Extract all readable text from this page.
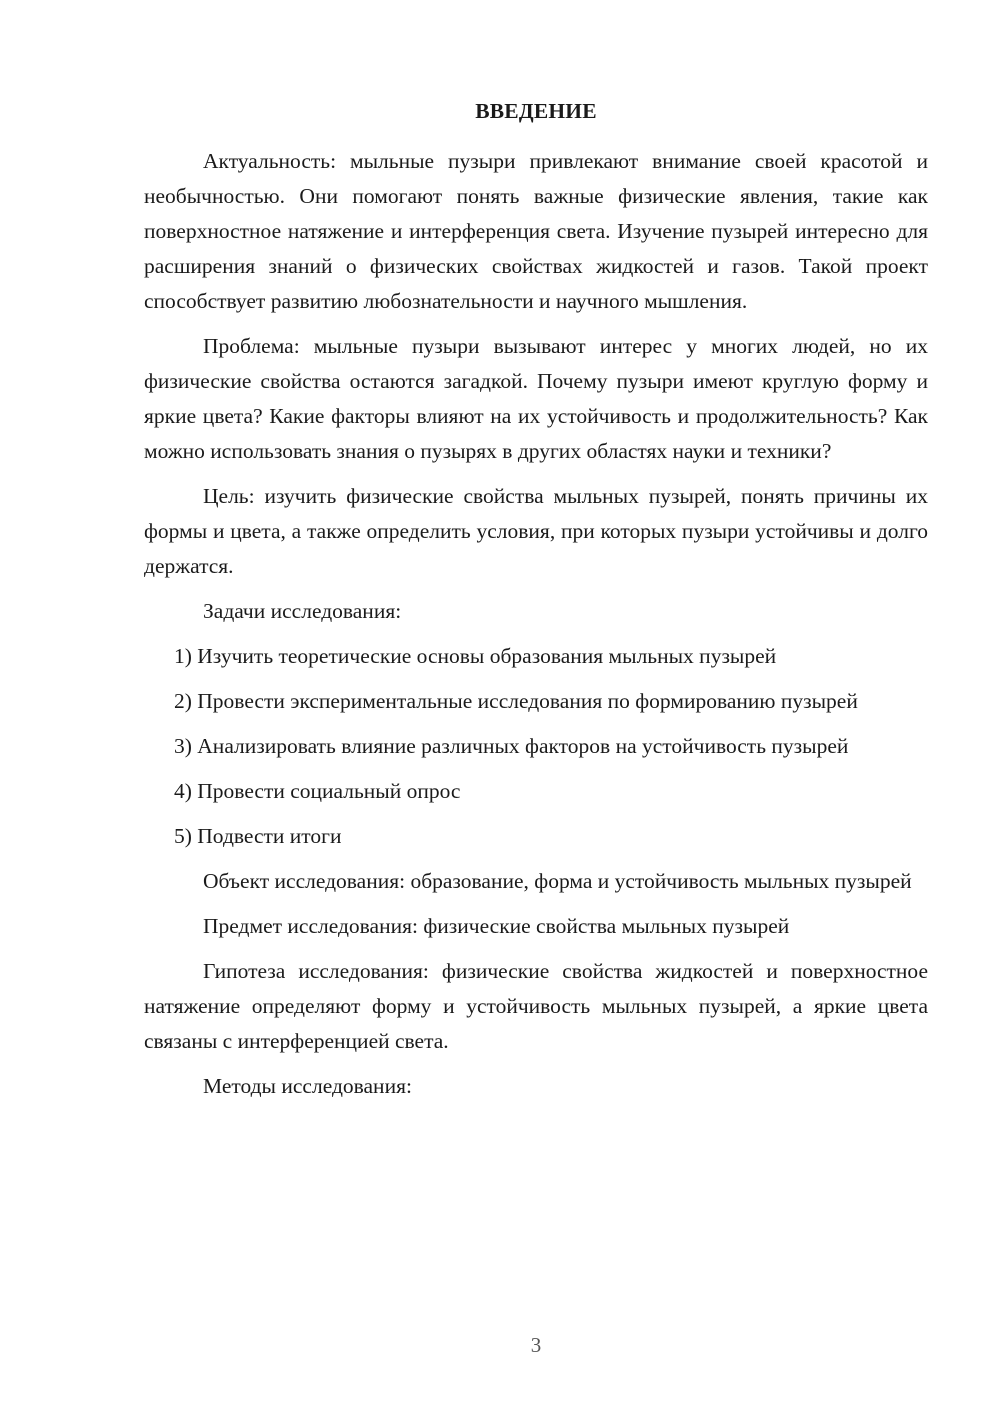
ВВЕДЕНИЕ

Актуальность: мыльные пузыри привлекают внимание своей красотой и необычностью. Они помогают понять важные физические явления, такие как поверхностное натяжение и интерференция света. Изучение пузырей интересно для расширения знаний о физических свойствах жидкостей и газов. Такой проект способствует развитию любознательности и научного мышления.

Проблема: мыльные пузыри вызывают интерес у многих людей, но их физические свойства остаются загадкой. Почему пузыри имеют круглую форму и яркие цвета? Какие факторы влияют на их устойчивость и продолжительность? Как можно использовать знания о пузырях в других областях науки и техники?

Цель: изучить физические свойства мыльных пузырей, понять причины их формы и цвета, а также определить условия, при которых пузыри устойчивы и долго держатся.

Задачи исследования:

1) Изучить теоретические основы образования мыльных пузырей

2) Провести экспериментальные исследования по формированию пузырей

3) Анализировать влияние различных факторов на устойчивость пузырей

4) Провести социальный опрос

5) Подвести итоги

Объект исследования: образование, форма и устойчивость мыльных пузырей

Предмет исследования: физические свойства мыльных пузырей

Гипотеза исследования: физические свойства жидкостей и поверхностное натяжение определяют форму и устойчивость мыльных пузырей, а яркие цвета связаны с интерференцией света.

Методы исследования:

3
